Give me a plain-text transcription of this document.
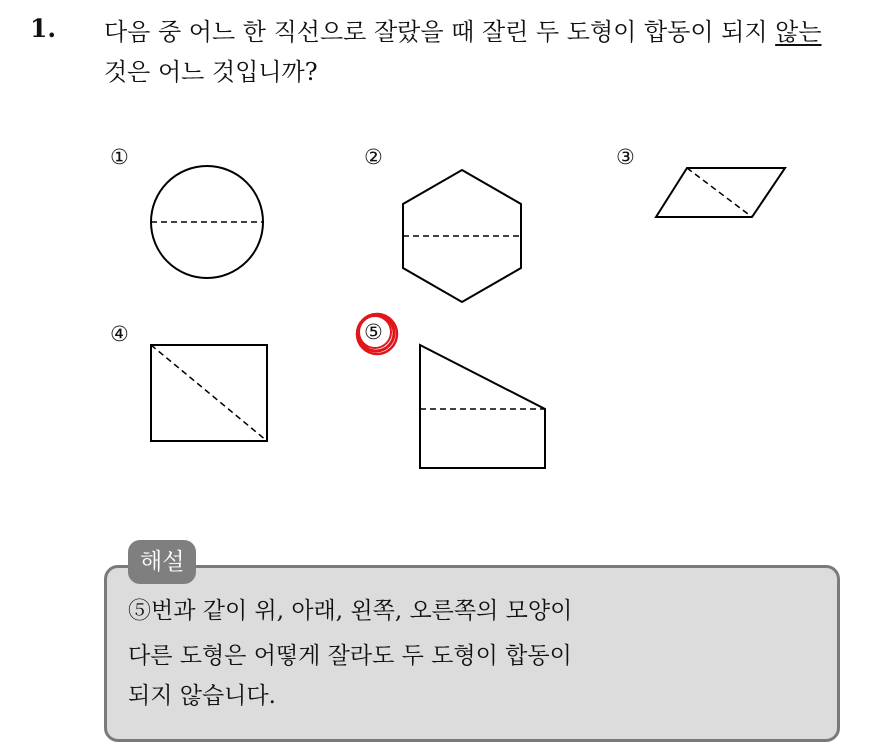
1. 다음 중 어느 한 직선으로 잘랐을 때 잘린 두 도형이 합동이 되지 않는
것은 어느 것입니까?
①	②	③
④	⑤
해설
⑤번과 같이 위, 아래, 왼쪽, 오른쪽의 모양이
다른 도형은 어떻게 잘라도 두 도형이 합동이
되지 않습니다.
